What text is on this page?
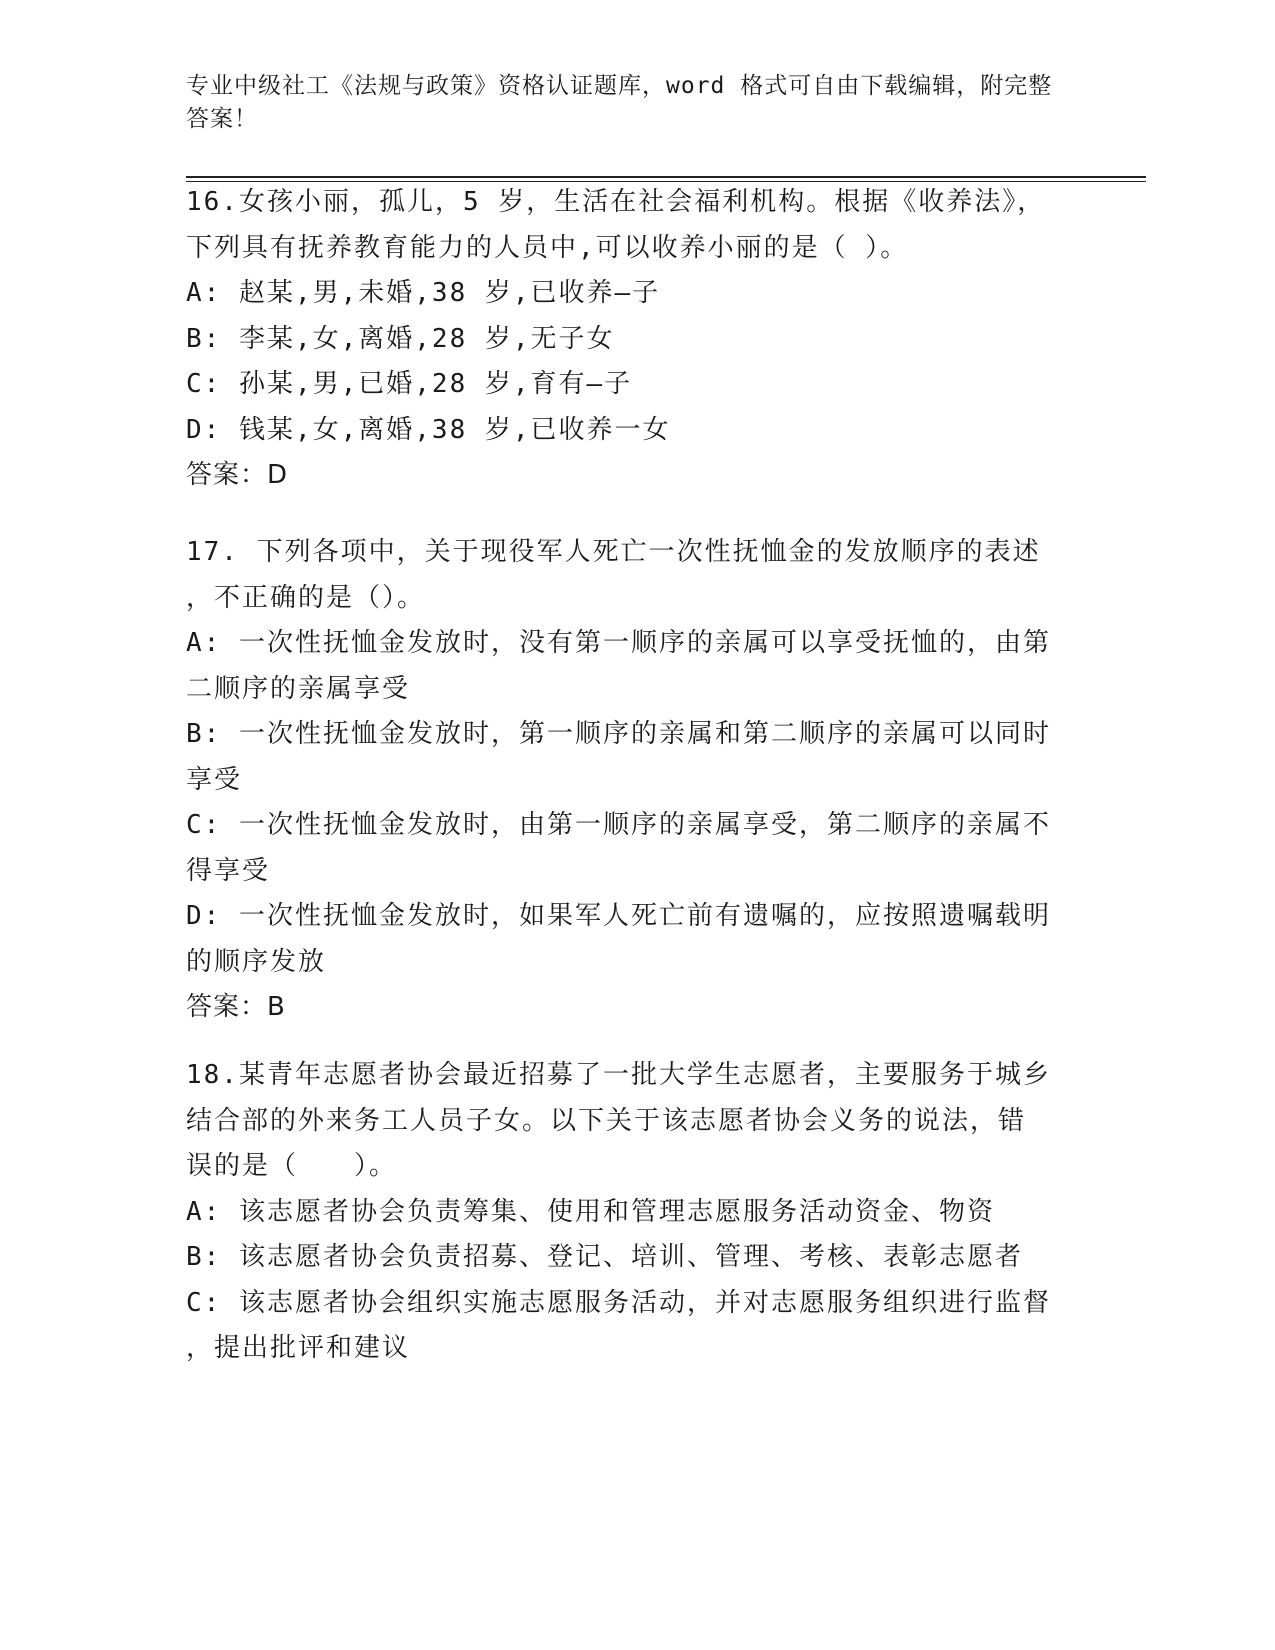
专业中级社工《法规与政策》资格认证题库，word 格式可自由下载编辑，附完整
答案！
16.女孩小丽，孤儿，5 岁，生活在社会福利机构。根据《收养法》，
下列具有抚养教育能力的人员中,可以收养小丽的是（ ）。
A: 赵某,男,未婚,38 岁,已收养—子
B: 李某,女,离婚,28 岁,无子女
C: 孙某,男,已婚,28 岁,育有—子
D: 钱某,女,离婚,38 岁,已收养一女
答案：D
17. 下列各项中，关于现役军人死亡一次性抚恤金的发放顺序的表述
，不正确的是（）。
A: 一次性抚恤金发放时，没有第一顺序的亲属可以享受抚恤的，由第
二顺序的亲属享受
B: 一次性抚恤金发放时，第一顺序的亲属和第二顺序的亲属可以同时
享受
C: 一次性抚恤金发放时，由第一顺序的亲属享受，第二顺序的亲属不
得享受
D: 一次性抚恤金发放时，如果军人死亡前有遗嘱的，应按照遗嘱载明
的顺序发放
答案：B
18.某青年志愿者协会最近招募了一批大学生志愿者，主要服务于城乡
结合部的外来务工人员子女。以下关于该志愿者协会义务的说法，错
误的是（　　）。
A: 该志愿者协会负责筹集、使用和管理志愿服务活动资金、物资
B: 该志愿者协会负责招募、登记、培训、管理、考核、表彰志愿者
C: 该志愿者协会组织实施志愿服务活动，并对志愿服务组织进行监督
，提出批评和建议
